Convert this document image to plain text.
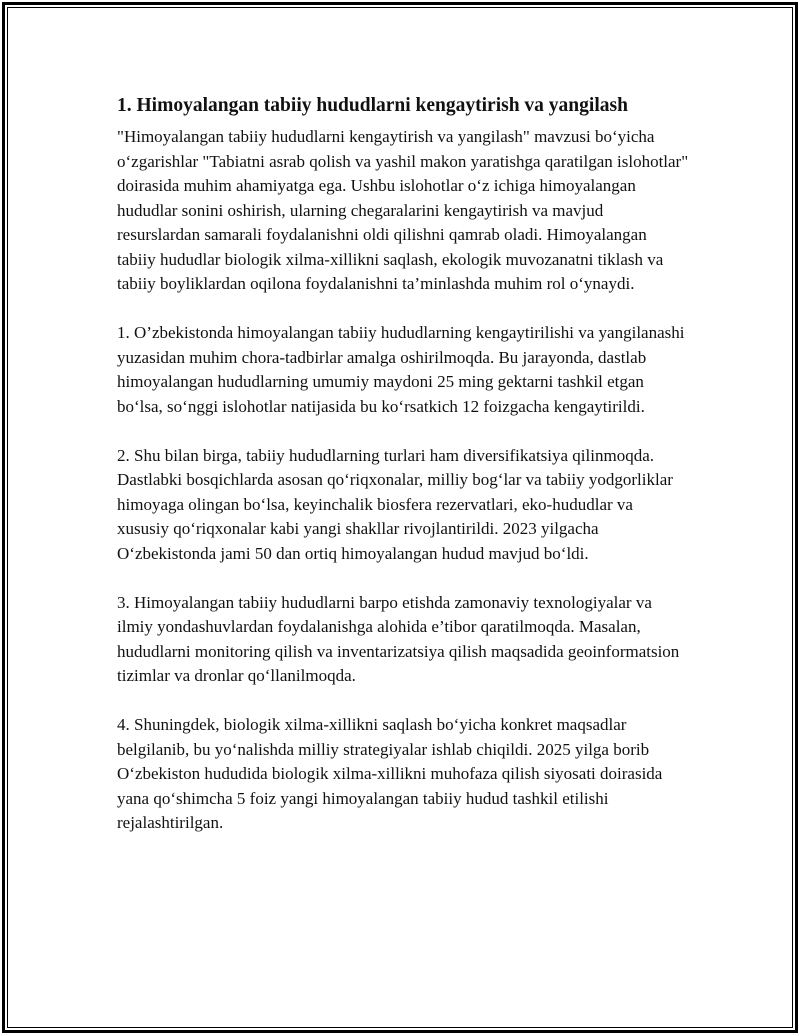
1. Himoyalangan tabiiy hududlarni kengaytirish va yangilash

"Himoyalangan tabiiy hududlarni kengaytirish va yangilash" mavzusi bo‘yicha o‘zgarishlar "Tabiatni asrab qolish va yashil makon yaratishga qaratilgan islohotlar" doirasida muhim ahamiyatga ega. Ushbu islohotlar o‘z ichiga himoyalangan hududlar sonini oshirish, ularning chegaralarini kengaytirish va mavjud resurslardan samarali foydalanishni oldi qilishni qamrab oladi. Himoyalangan tabiiy hududlar biologik xilma-xillikni saqlash, ekologik muvozanatni tiklash va tabiiy boyliklardan oqilona foydalanishni ta’minlashda muhim rol o‘ynaydi.

1. O’zbekistonda himoyalangan tabiiy hududlarning kengaytirilishi va yangilanashi yuzasidan muhim chora-tadbirlar amalga oshirilmoqda. Bu jarayonda, dastlab himoyalangan hududlarning umumiy maydoni 25 ming gektarni tashkil etgan bo‘lsa, so‘nggi islohotlar natijasida bu ko‘rsatkich 12 foizgacha kengaytirildi.

2. Shu bilan birga, tabiiy hududlarning turlari ham diversifikatsiya qilinmoqda. Dastlabki bosqichlarda asosan qo‘riqxonalar, milliy bog‘lar va tabiiy yodgorliklar himoyaga olingan bo‘lsa, keyinchalik biosfera rezervatlari, eko-hududlar va xususiy qo‘riqxonalar kabi yangi shakllar rivojlantirildi. 2023 yilgacha O‘zbekistonda jami 50 dan ortiq himoyalangan hudud mavjud bo‘ldi.

3. Himoyalangan tabiiy hududlarni barpo etishda zamonaviy texnologiyalar va ilmiy yondashuvlardan foydalanishga alohida e’tibor qaratilmoqda. Masalan, hududlarni monitoring qilish va inventarizatsiya qilish maqsadida geoinformatsion tizimlar va dronlar qo‘llanilmoqda.

4. Shuningdek, biologik xilma-xillikni saqlash bo‘yicha konkret maqsadlar belgilanib, bu yo‘nalishda milliy strategiyalar ishlab chiqildi. 2025 yilga borib O‘zbekiston hududida biologik xilma-xillikni muhofaza qilish siyosati doirasida yana qo‘shimcha 5 foiz yangi himoyalangan tabiiy hudud tashkil etilishi rejalashtirilgan.
